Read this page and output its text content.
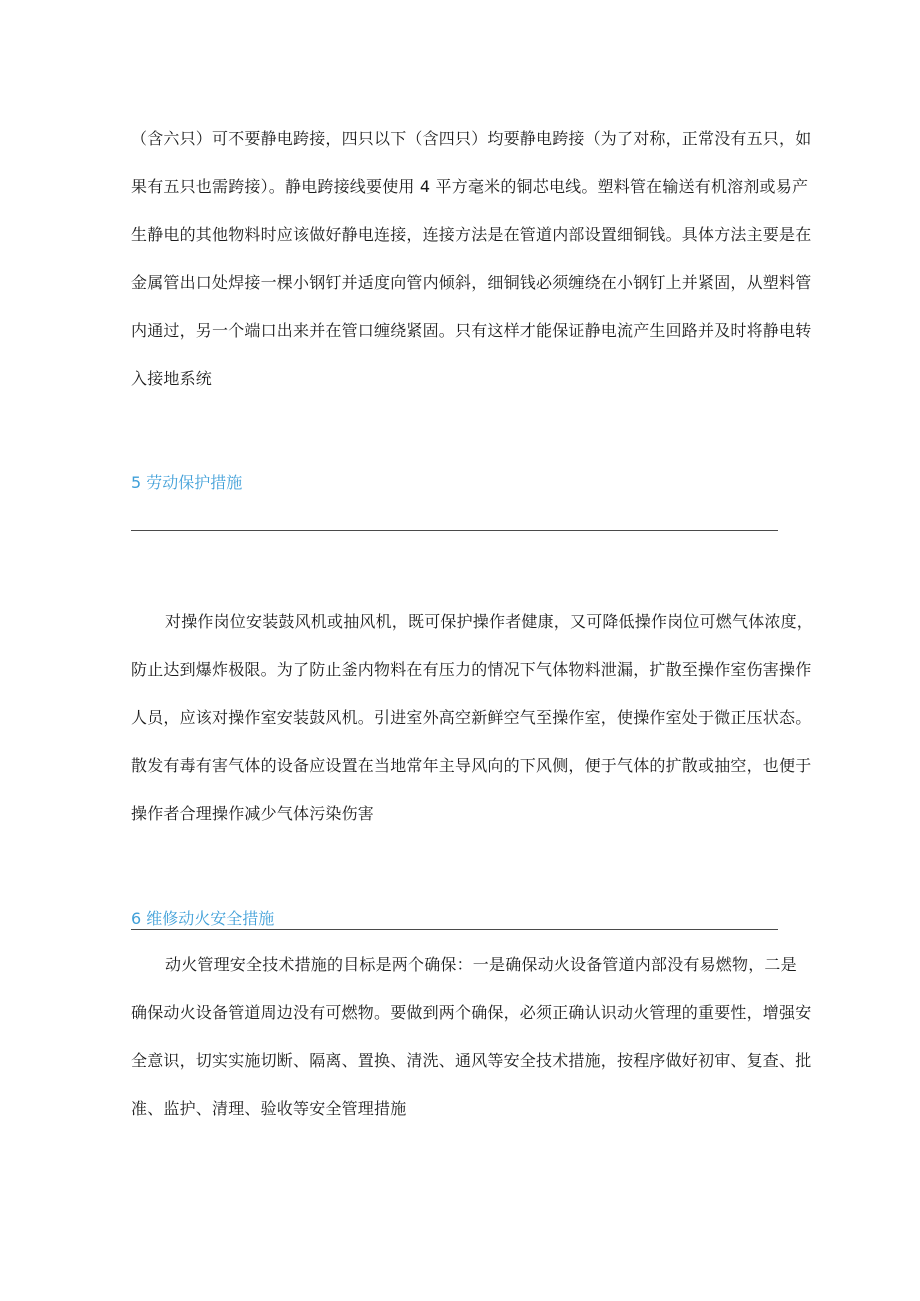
（含六只）可不要静电跨接，四只以下（含四只）均要静电跨接（为了对称，正常没有五只，如
果有五只也需跨接）。静电跨接线要使用 4 平方毫米的铜芯电线。塑料管在输送有机溶剂或易产
生静电的其他物料时应该做好静电连接，连接方法是在管道内部设置细铜钱。具体方法主要是在
金属管出口处焊接一棵小钢钉并适度向管内倾斜，细铜钱必须缠绕在小钢钉上并紧固，从塑料管
内通过，另一个端口出来并在管口缠绕紧固。只有这样才能保证静电流产生回路并及时将静电转
入接地系统
5 劳动保护措施
对操作岗位安装鼓风机或抽风机，既可保护操作者健康，又可降低操作岗位可燃气体浓度，
防止达到爆炸极限。为了防止釜内物料在有压力的情况下气体物料泄漏，扩散至操作室伤害操作
人员，应该对操作室安装鼓风机。引进室外高空新鲜空气至操作室，使操作室处于微正压状态。
散发有毒有害气体的设备应设置在当地常年主导风向的下风侧，便于气体的扩散或抽空，也便于
操作者合理操作减少气体污染伤害
6 维修动火安全措施
动火管理安全技术措施的目标是两个确保：一是确保动火设备管道内部没有易燃物，二是
确保动火设备管道周边没有可燃物。要做到两个确保，必须正确认识动火管理的重要性，增强安
全意识，切实实施切断、隔离、置换、清洗、通风等安全技术措施，按程序做好初审、复查、批
准、监护、清理、验收等安全管理措施
